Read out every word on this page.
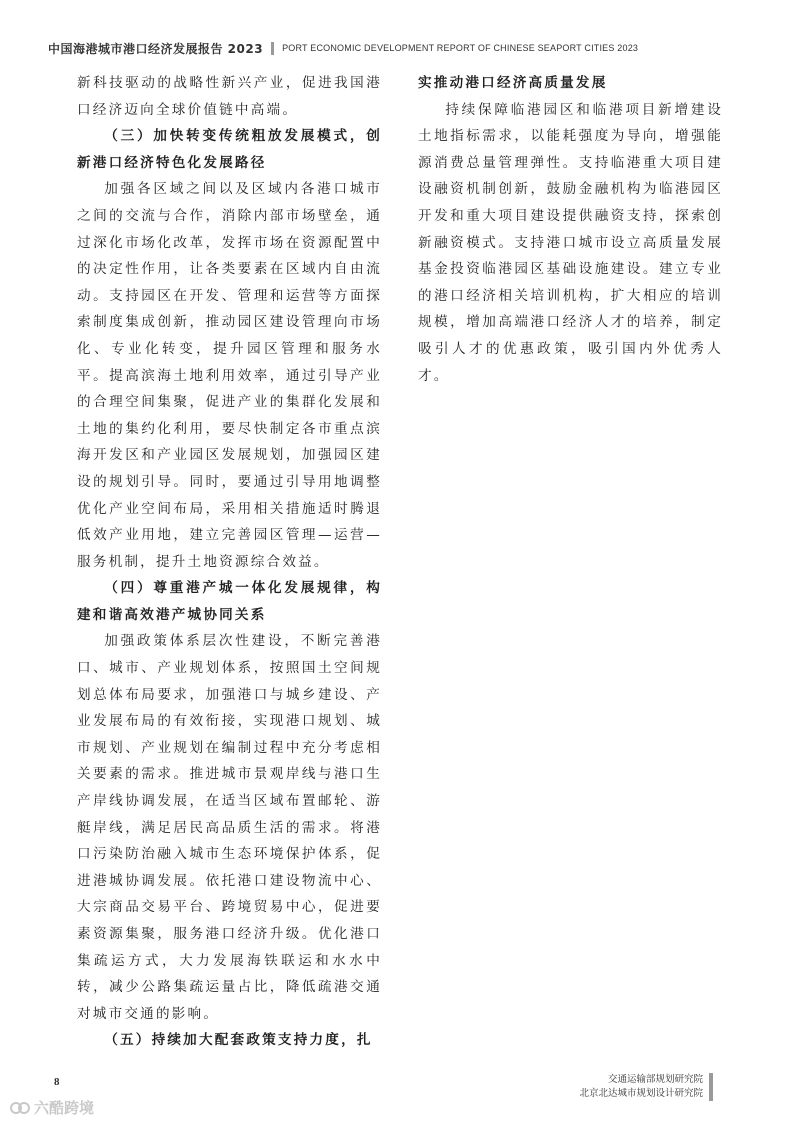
中国海港城市港口经济发展报告 2023 PORT ECONOMIC DEVELOPMENT REPORT OF CHINESE SEAPORT CITIES 2023

新科技驱动的战略性新兴产业，促进我国港口经济迈向全球价值链中高端。

（三）加快转变传统粗放发展模式，创新港口经济特色化发展路径

加强各区域之间以及区域内各港口城市之间的交流与合作，消除内部市场壁垒，通过深化市场化改革，发挥市场在资源配置中的决定性作用，让各类要素在区域内自由流动。支持园区在开发、管理和运营等方面探索制度集成创新，推动园区建设管理向市场化、专业化转变，提升园区管理和服务水平。提高滨海土地利用效率，通过引导产业的合理空间集聚，促进产业的集群化发展和土地的集约化利用，要尽快制定各市重点滨海开发区和产业园区发展规划，加强园区建设的规划引导。同时，要通过引导用地调整优化产业空间布局，采用相关措施适时腾退低效产业用地，建立完善园区管理—运营—服务机制，提升土地资源综合效益。

（四）尊重港产城一体化发展规律，构建和谐高效港产城协同关系

加强政策体系层次性建设，不断完善港口、城市、产业规划体系，按照国土空间规划总体布局要求，加强港口与城乡建设、产业发展布局的有效衔接，实现港口规划、城市规划、产业规划在编制过程中充分考虑相关要素的需求。推进城市景观岸线与港口生产岸线协调发展，在适当区域布置邮轮、游艇岸线，满足居民高品质生活的需求。将港口污染防治融入城市生态环境保护体系，促进港城协调发展。依托港口建设物流中心、大宗商品交易平台、跨境贸易中心，促进要素资源集聚，服务港口经济升级。优化港口集疏运方式，大力发展海铁联运和水水中转，减少公路集疏运量占比，降低疏港交通对城市交通的影响。

（五）持续加大配套政策支持力度，扎

实推动港口经济高质量发展

持续保障临港园区和临港项目新增建设土地指标需求，以能耗强度为导向，增强能源消费总量管理弹性。支持临港重大项目建设融资机制创新，鼓励金融机构为临港园区开发和重大项目建设提供融资支持，探索创新融资模式。支持港口城市设立高质量发展基金投资临港园区基础设施建设。建立专业的港口经济相关培训机构，扩大相应的培训规模，增加高端港口经济人才的培养，制定吸引人才的优惠政策，吸引国内外优秀人才。

8	交通运输部规划研究院
北京北达城市规划设计研究院
六酷跨境
